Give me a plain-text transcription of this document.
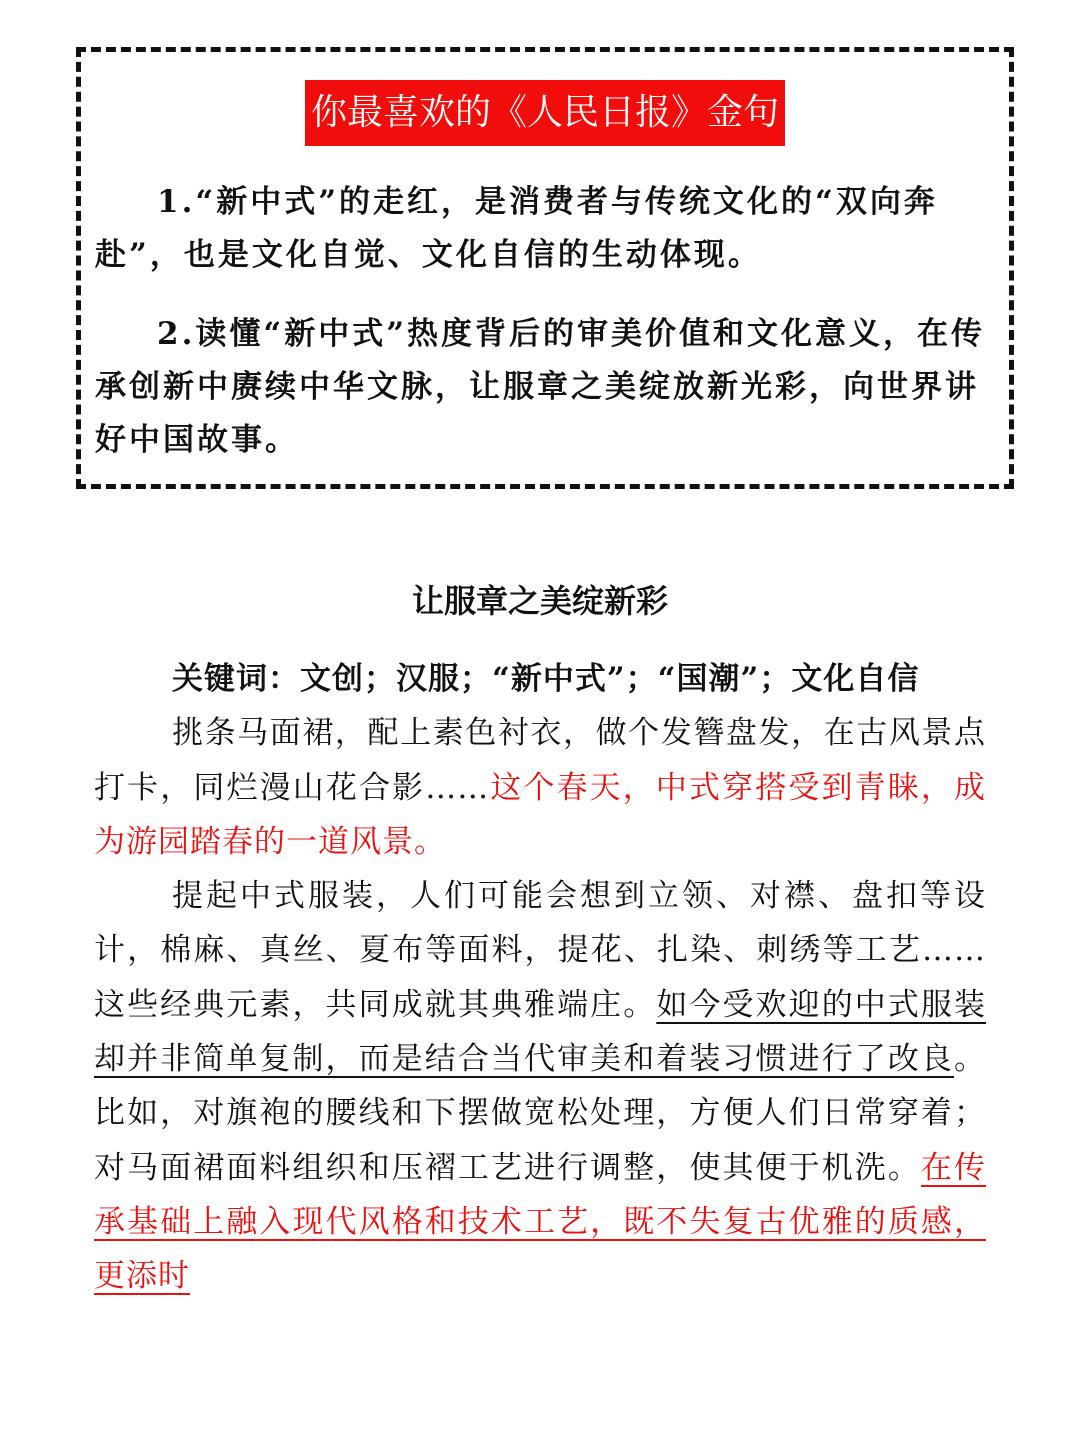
你最喜欢的《人民日报》金句

1.“新中式”的走红，是消费者与传统文化的“双向奔赴”，也是文化自觉、文化自信的生动体现。

2.读懂“新中式”热度背后的审美价值和文化意义，在传承创新中赓续中华文脉，让服章之美绽放新光彩，向世界讲好中国故事。

让服章之美绽新彩

关键词：文创；汉服；“新中式”；“国潮”；文化自信

挑条马面裙，配上素色衬衣，做个发簪盘发，在古风景点打卡，同烂漫山花合影……这个春天，中式穿搭受到青睐，成为游园踏春的一道风景。

提起中式服装，人们可能会想到立领、对襟、盘扣等设计，棉麻、真丝、夏布等面料，提花、扎染、刺绣等工艺……这些经典元素，共同成就其典雅端庄。如今受欢迎的中式服装却并非简单复制，而是结合当代审美和着装习惯进行了改良。比如，对旗袍的腰线和下摆做宽松处理，方便人们日常穿着；对马面裙面料组织和压褶工艺进行调整，使其便于机洗。在传承基础上融入现代风格和技术工艺，既不失复古优雅的质感，更添时
